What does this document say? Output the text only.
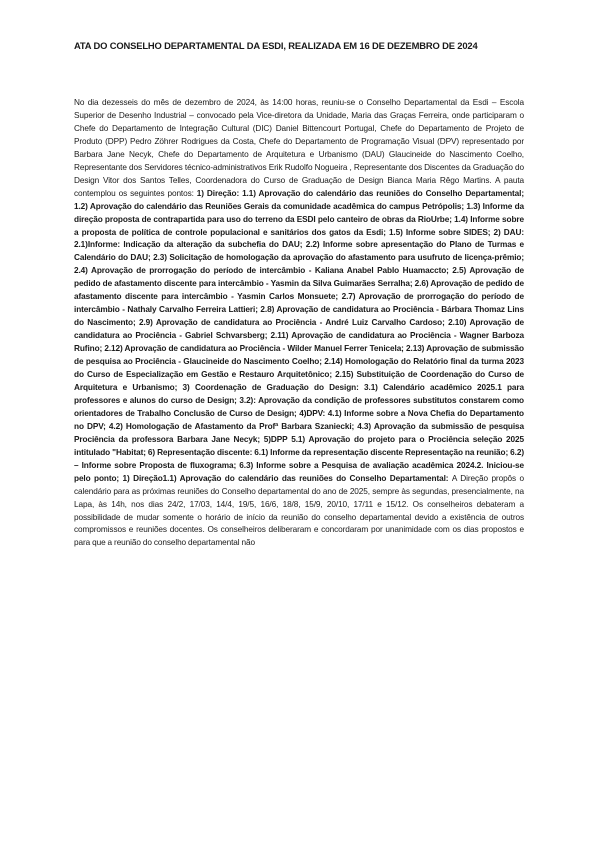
ATA DO CONSELHO DEPARTAMENTAL DA ESDI, REALIZADA EM 16 DE DEZEMBRO DE 2024

No dia dezesseis do mês de dezembro de 2024, às 14:00 horas, reuniu-se o Conselho Departamental da Esdi – Escola Superior de Desenho Industrial – convocado pela Vice-diretora da Unidade, Maria das Graças Ferreira, onde participaram o Chefe do Departamento de Integração Cultural (DIC) Daniel Bittencourt Portugal, Chefe do Departamento de Projeto de Produto (DPP) Pedro Zöhrer Rodrigues da Costa, Chefe do Departamento de Programação Visual (DPV) representado por Barbara Jane Necyk, Chefe do Departamento de Arquitetura e Urbanismo (DAU) Glaucineide do Nascimento Coelho, Representante dos Servidores técnico-administrativos Erik Rudolfo Nogueira , Representante dos Discentes da Graduação do Design Vitor dos Santos Telles, Coordenadora do Curso de Graduação de Design Bianca Maria Rêgo Martins. A pauta contemplou os seguintes pontos: 1) Direção: 1.1) Aprovação do calendário das reuniões do Conselho Departamental; 1.2) Aprovação do calendário das Reuniões Gerais da comunidade acadêmica do campus Petrópolis; 1.3) Informe da direção proposta de contrapartida para uso do terreno da ESDI pelo canteiro de obras da RioUrbe; 1.4) Informe sobre a proposta de política de controle populacional e sanitários dos gatos da Esdi; 1.5) Informe sobre SIDES; 2) DAU: 2.1)Informe: Indicação da alteração da subchefia do DAU; 2.2) Informe sobre apresentação do Plano de Turmas e Calendário do DAU; 2.3) Solicitação de homologação da aprovação do afastamento para usufruto de licença-prêmio; 2.4) Aprovação de prorrogação do período de intercâmbio - Kaliana Anabel Pablo Huamaccto; 2.5) Aprovação de pedido de afastamento discente para intercâmbio - Yasmin da Silva Guimarães Serralha; 2.6) Aprovação de pedido de afastamento discente para intercâmbio - Yasmin Carlos Monsuete; 2.7) Aprovação de prorrogação do período de intercâmbio - Nathaly Carvalho Ferreira Lattieri; 2.8) Aprovação de candidatura ao Prociência - Bárbara Thomaz Lins do Nascimento; 2.9) Aprovação de candidatura ao Prociência - André Luiz Carvalho Cardoso; 2.10) Aprovação de candidatura ao Prociência - Gabriel Schvarsberg; 2.11) Aprovação de candidatura ao Prociência - Wagner Barboza Rufino; 2.12) Aprovação de candidatura ao Prociência - Wilder Manuel Ferrer Tenicela; 2.13) Aprovação de submissão de pesquisa ao Prociência - Glaucineide do Nascimento Coelho; 2.14) Homologação do Relatório final da turma 2023 do Curso de Especialização em Gestão e Restauro Arquitetônico; 2.15) Substituição de Coordenação do Curso de Arquitetura e Urbanismo; 3) Coordenação de Graduação do Design: 3.1) Calendário acadêmico 2025.1 para professores e alunos do curso de Design; 3.2): Aprovação da condição de professores substitutos constarem como orientadores de Trabalho Conclusão de Curso de Design; 4)DPV: 4.1) Informe sobre a Nova Chefia do Departamento no DPV; 4.2) Homologação de Afastamento da Profª Barbara Szaniecki; 4.3) Aprovação da submissão de pesquisa Prociência da professora Barbara Jane Necyk; 5)DPP 5.1) Aprovação do projeto para o Prociência seleção 2025 intitulado "Habitat; 6) Representação discente: 6.1) Informe da representação discente Representação na reunião; 6.2) – Informe sobre Proposta de fluxograma; 6.3) Informe sobre a Pesquisa de avaliação acadêmica 2024.2. Iniciou-se pelo ponto; 1) Direção1.1) Aprovação do calendário das reuniões do Conselho Departamental: A Direção propôs o calendário para as próximas reuniões do Conselho departamental do ano de 2025, sempre às segundas, presencialmente, na Lapa, às 14h, nos dias 24/2, 17/03, 14/4, 19/5, 16/6, 18/8, 15/9, 20/10, 17/11 e 15/12. Os conselheiros debateram a possibilidade de mudar somente o horário de início da reunião do conselho departamental devido a existência de outros compromissos e reuniões docentes. Os conselheiros deliberaram e concordaram por unanimidade com os dias propostos e para que a reunião do conselho departamental não
